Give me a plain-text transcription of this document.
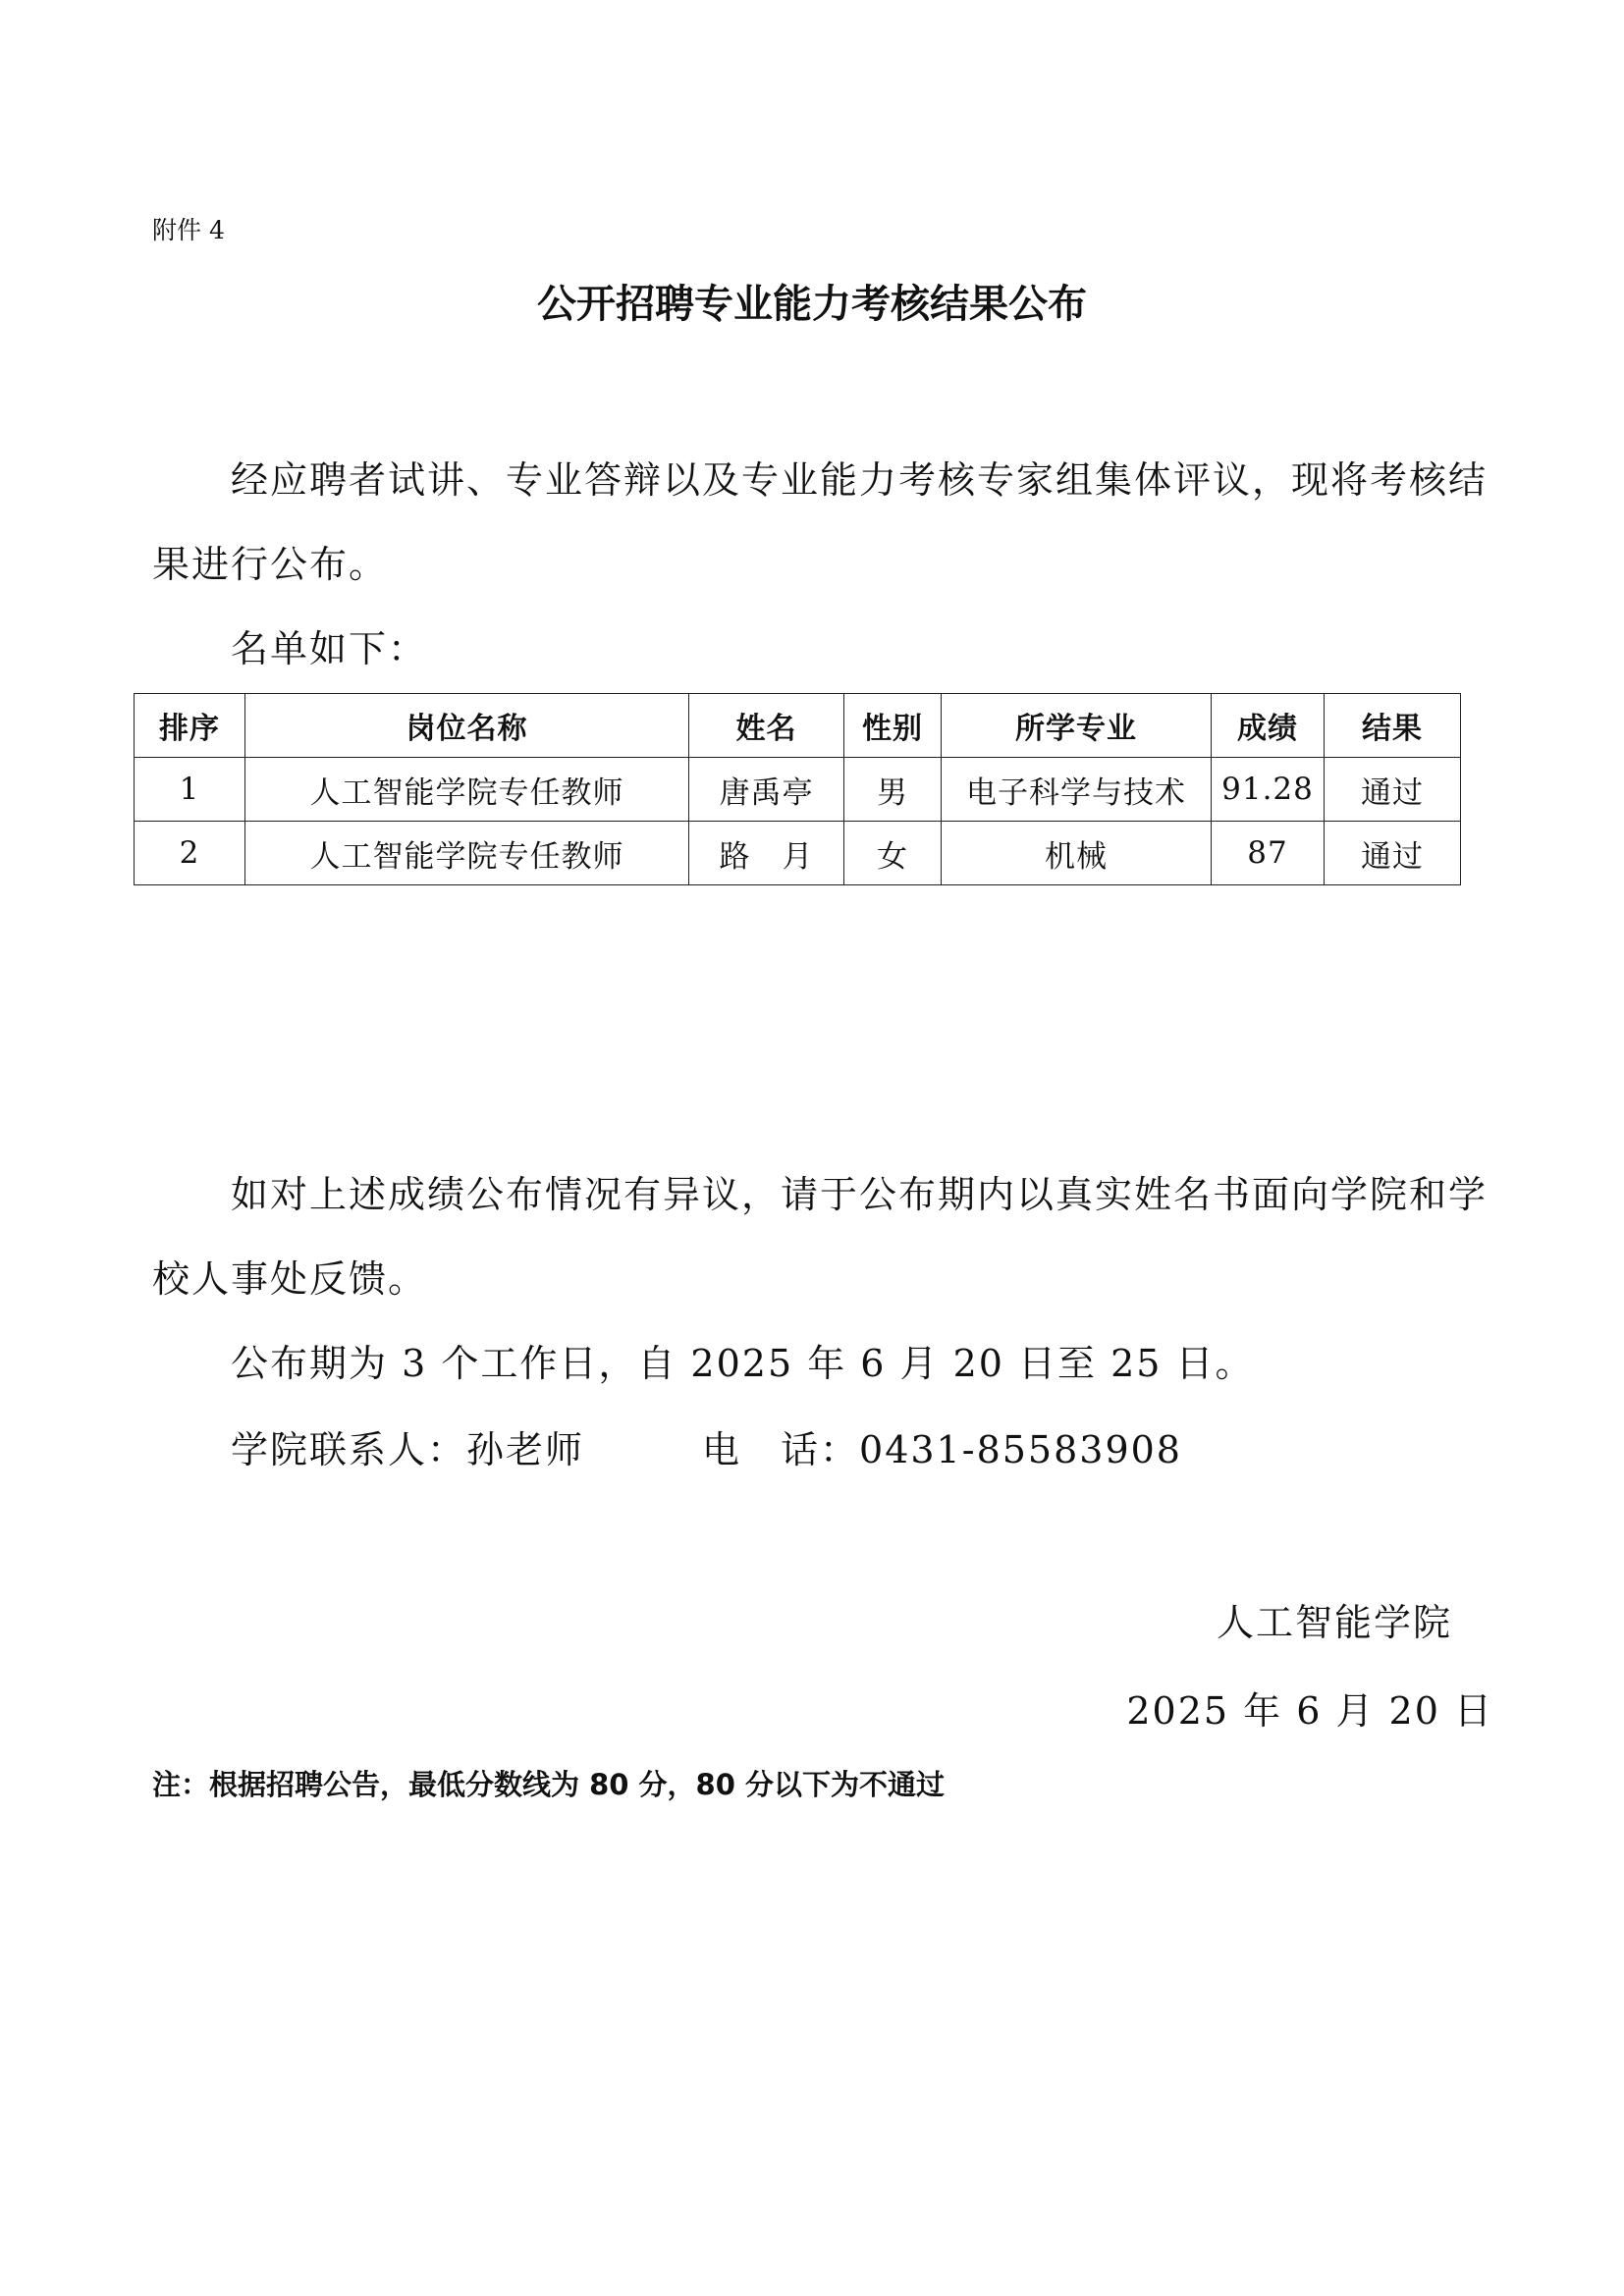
附件 4
公开招聘专业能力考核结果公布
经应聘者试讲、专业答辩以及专业能力考核专家组集体评议，现将考核结果进行公布。
名单如下：
排序	岗位名称	姓名	性别	所学专业	成绩	结果
1	人工智能学院专任教师	唐禹亭	男	电子科学与技术	91.28	通过
2	人工智能学院专任教师	路　月	女	机械	87	通过
如对上述成绩公布情况有异议，请于公布期内以真实姓名书面向学院和学校人事处反馈。
公布期为 3 个工作日，自 2025 年 6 月 20 日至 25 日。
学院联系人：孙老师	电　话：0431-85583908
人工智能学院
2025 年 6 月 20 日
注：根据招聘公告，最低分数线为 80 分，80 分以下为不通过
